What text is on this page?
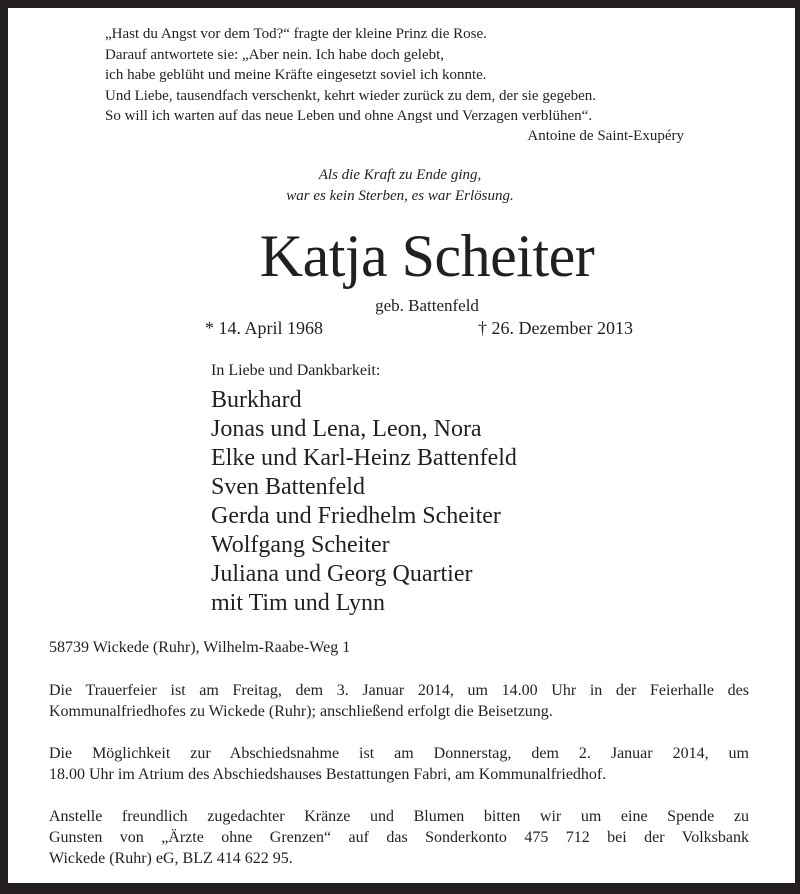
„Hast du Angst vor dem Tod?“ fragte der kleine Prinz die Rose.
Darauf antwortete sie: „Aber nein. Ich habe doch gelebt,
ich habe geblüht und meine Kräfte eingesetzt soviel ich konnte.
Und Liebe, tausendfach verschenkt, kehrt wieder zurück zu dem, der sie gegeben.
So will ich warten auf das neue Leben und ohne Angst und Verzagen verblühen“.
Antoine de Saint-Exupéry
Als die Kraft zu Ende ging,
war es kein Sterben, es war Erlösung.
Katja Scheiter
geb. Battenfeld
* 14. April 1968	† 26. Dezember 2013
In Liebe und Dankbarkeit:
Burkhard
Jonas und Lena, Leon, Nora
Elke und Karl-Heinz Battenfeld
Sven Battenfeld
Gerda und Friedhelm Scheiter
Wolfgang Scheiter
Juliana und Georg Quartier
mit Tim und Lynn
58739 Wickede (Ruhr), Wilhelm-Raabe-Weg 1
Die Trauerfeier ist am Freitag, dem 3. Januar 2014, um 14.00 Uhr in der Feierhalle des
Kommunalfriedhofes zu Wickede (Ruhr); anschließend erfolgt die Beisetzung.
Die Möglichkeit zur Abschiedsnahme ist am Donnerstag, dem 2. Januar 2014, um
18.00 Uhr im Atrium des Abschiedshauses Bestattungen Fabri, am Kommunalfriedhof.
Anstelle freundlich zugedachter Kränze und Blumen bitten wir um eine Spende zu
Gunsten von „Ärzte ohne Grenzen“ auf das Sonderkonto 475 712 bei der Volksbank
Wickede (Ruhr) eG, BLZ 414 622 95.
